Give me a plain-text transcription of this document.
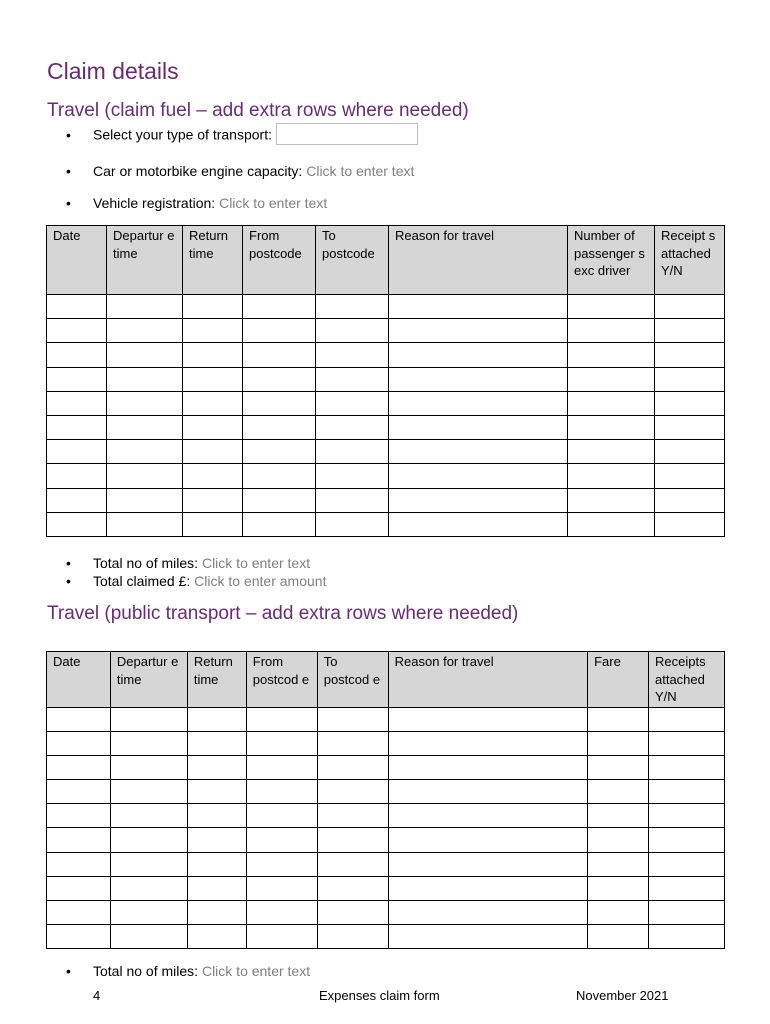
Claim details
Travel (claim fuel – add extra rows where needed)
• Select your type of transport:
• Car or motorbike engine capacity: Click to enter text
• Vehicle registration: Click to enter text
Date	Departur e time	Return time	From postcode	To postcode	Reason for travel	Number of passenger s exc driver	Receipt s attached Y/N

• Total no of miles: Click to enter text
• Total claimed £: Click to enter amount
Travel (public transport – add extra rows where needed)
Date	Departur e time	Return time	From postcod e	To postcod e	Reason for travel	Fare	Receipts attached Y/N

• Total no of miles: Click to enter text
4	Expenses claim form	November 2021
